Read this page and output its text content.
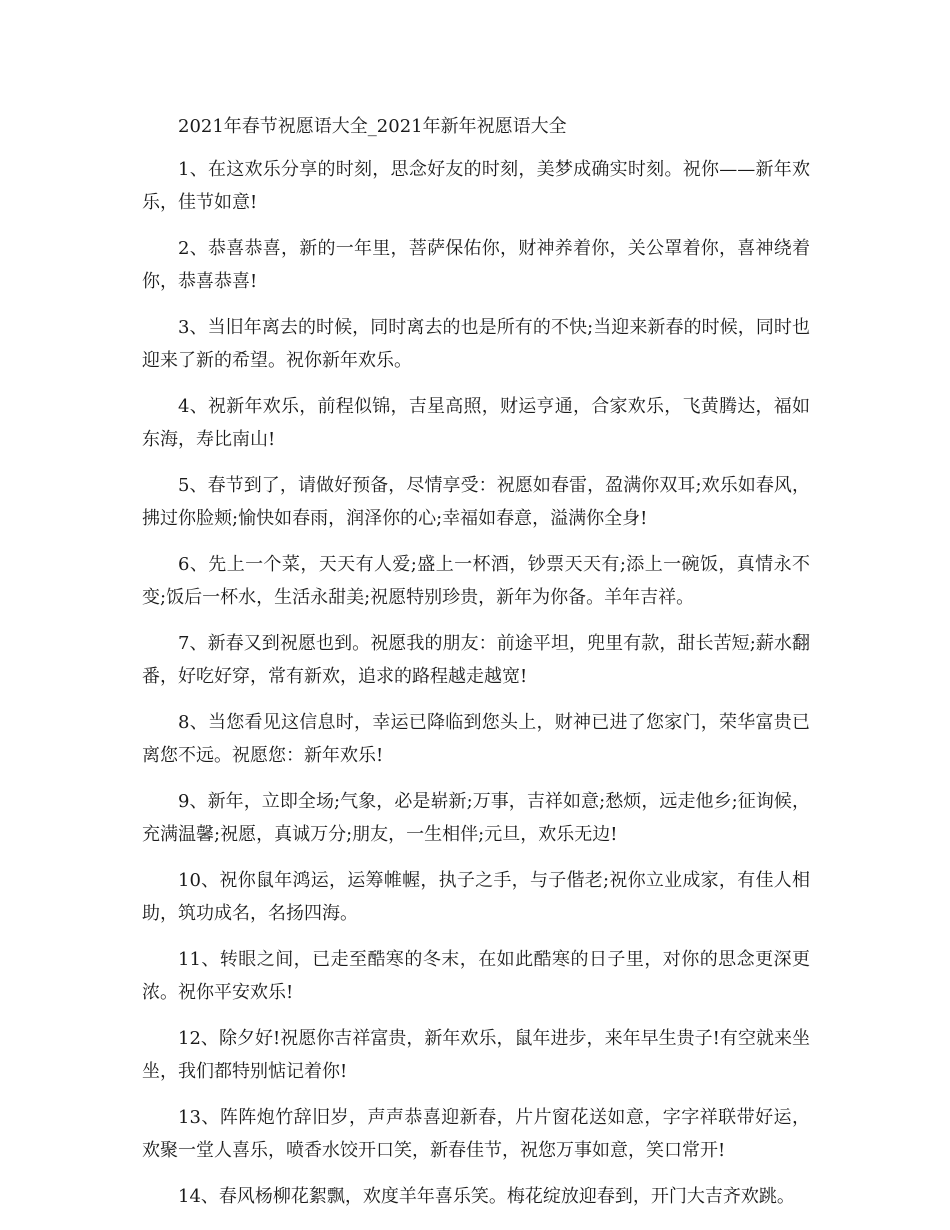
2021年春节祝愿语大全_2021年新年祝愿语大全

1、在这欢乐分享的时刻，思念好友的时刻，美梦成确实时刻。祝你——新年欢乐，佳节如意!

2、恭喜恭喜，新的一年里，菩萨保佑你，财神养着你，关公罩着你，喜神绕着你，恭喜恭喜!

3、当旧年离去的时候，同时离去的也是所有的不快;当迎来新春的时候，同时也迎来了新的希望。祝你新年欢乐。

4、祝新年欢乐，前程似锦，吉星高照，财运亨通，合家欢乐，飞黄腾达，福如东海，寿比南山!

5、春节到了，请做好预备，尽情享受：祝愿如春雷，盈满你双耳;欢乐如春风，拂过你脸颊;愉快如春雨，润泽你的心;幸福如春意，溢满你全身!

6、先上一个菜，天天有人爱;盛上一杯酒，钞票天天有;添上一碗饭，真情永不变;饭后一杯水，生活永甜美;祝愿特别珍贵，新年为你备。羊年吉祥。

7、新春又到祝愿也到。祝愿我的朋友：前途平坦，兜里有款，甜长苦短;薪水翻番，好吃好穿，常有新欢，追求的路程越走越宽!

8、当您看见这信息时，幸运已降临到您头上，财神已进了您家门，荣华富贵已离您不远。祝愿您：新年欢乐!

9、新年，立即全场;气象，必是崭新;万事，吉祥如意;愁烦，远走他乡;征询候，充满温馨;祝愿，真诚万分;朋友，一生相伴;元旦，欢乐无边!

10、祝你鼠年鸿运，运筹帷幄，执子之手，与子偕老;祝你立业成家，有佳人相助，筑功成名，名扬四海。

11、转眼之间，已走至酷寒的冬末，在如此酷寒的日子里，对你的思念更深更浓。祝你平安欢乐!

12、除夕好!祝愿你吉祥富贵，新年欢乐，鼠年进步，来年早生贵子!有空就来坐坐，我们都特别惦记着你!

13、阵阵炮竹辞旧岁，声声恭喜迎新春，片片窗花送如意，字字祥联带好运，欢聚一堂人喜乐，喷香水饺开口笑，新春佳节，祝您万事如意，笑口常开!

14、春风杨柳花絮飘，欢度羊年喜乐笑。梅花绽放迎春到，开门大吉齐欢跳。
